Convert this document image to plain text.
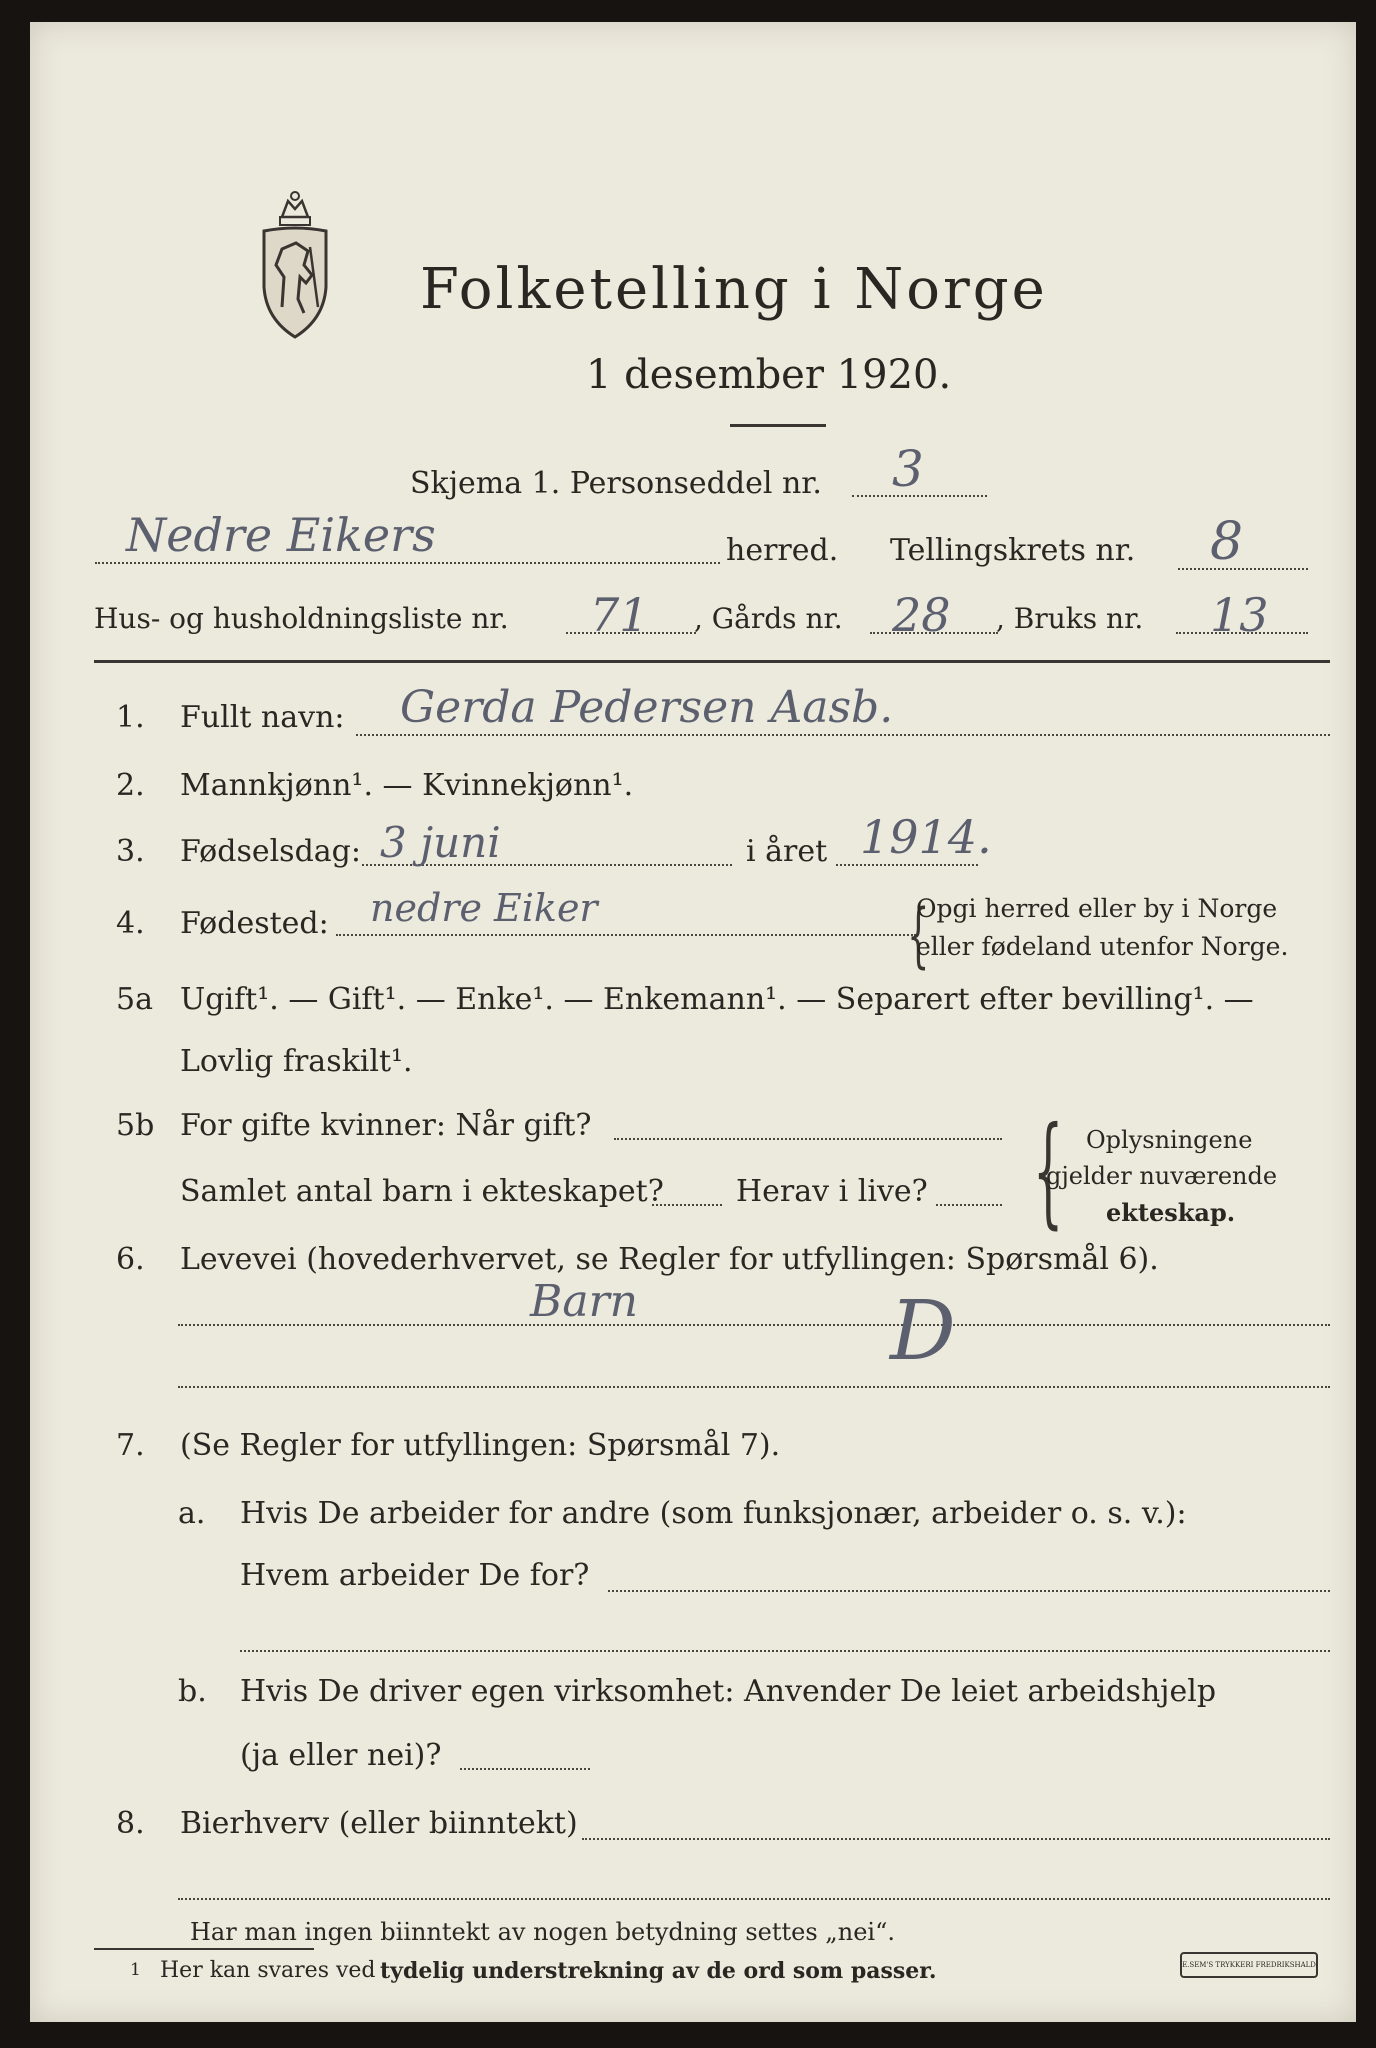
Folketelling i Norge
1 desember 1920.
Skjema 1. Personseddel nr. 3
Nedre Eikers	herred. Tellingskrets nr. 8
Hus- og husholdningsliste nr. 71 , Gårds nr. 28 , Bruks nr. 13
1. Fullt navn: Gerda Pedersen Aasb.
2. Mannkjønn¹. — Kvinnekjønn¹.
3. Fødselsdag: 3 juni	i året 1914.
4. Fødested: nedre Eiker	{
Opgi herred eller by i Norge
eller fødeland utenfor Norge.
5a Ugift¹. — Gift¹. — Enke¹. — Enkemann¹. — Separert efter bevilling¹. —
Lovlig fraskilt¹.
5b For gifte kvinner: Når gift?
Samlet antal barn i ekteskapet? Herav i live? { Oplysningene
gjelder nuværende
ekteskap.
6. Levevei (hovederhvervet, se Regler for utfyllingen: Spørsmål 6).
Barn	D
7. (Se Regler for utfyllingen: Spørsmål 7).
a. Hvis De arbeider for andre (som funksjonær, arbeider o. s. v.):
Hvem arbeider De for?
b. Hvis De driver egen virksomhet: Anvender De leiet arbeidshjelp
(ja eller nei)?
8. Bierhverv (eller biinntekt)
Har man ingen biinntekt av nogen betydning settes „nei“.
1 Her kan svares ved tydelig understrekning av de ord som passer.	E.SEM'S TRYKKERI FREDRIKSHALD
